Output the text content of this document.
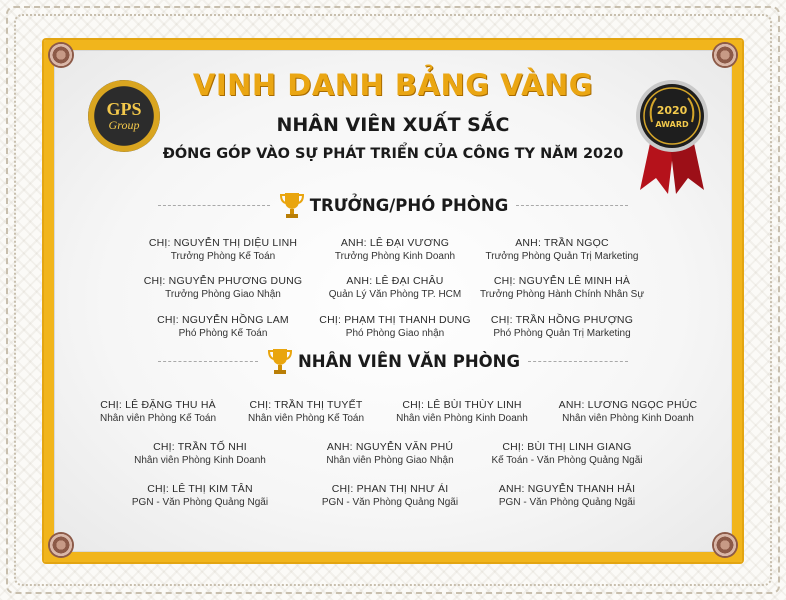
GPS
Group
2020
AWARD
VINH DANH BẢNG VÀNG
NHÂN VIÊN XUẤT SẮC
ĐÓNG GÓP VÀO SỰ PHÁT TRIỂN CỦA CÔNG TY NĂM 2020
TRƯỞNG/PHÓ PHÒNG
NHÂN VIÊN VĂN PHÒNG
CHỊ: NGUYỄN THỊ DIỆU LINH
Trưởng Phòng Kế Toán
ANH: LÊ ĐẠI VƯƠNG
Trưởng Phòng Kinh Doanh
ANH: TRẦN NGỌC
Trưởng Phòng Quản Trị Marketing
CHỊ: NGUYỄN PHƯƠNG DUNG
Trưởng Phòng Giao Nhận
ANH: LÊ ĐẠI CHÂU
Quản Lý Văn Phòng TP. HCM
CHỊ: NGUYỄN LÊ MINH HÀ
Trưởng Phòng Hành Chính Nhân Sự
CHỊ: NGUYỄN HỒNG LAM
Phó Phòng Kế Toán
CHỊ: PHẠM THỊ THANH DUNG
Phó Phòng Giao nhận
CHỊ: TRẦN HỒNG PHƯỢNG
Phó Phòng Quản Trị Marketing
CHỊ: LÊ ĐẶNG THU HÀ
Nhân viên Phòng Kế Toán
CHỊ: TRẦN THỊ TUYẾT
Nhân viên Phòng Kế Toán
CHỊ: LÊ BÙI THÙY LINH
Nhân viên Phòng Kinh Doanh
ANH: LƯƠNG NGỌC PHÚC
Nhân viên Phòng Kinh Doanh
CHỊ: TRẦN TỐ NHI
Nhân viên Phòng Kinh Doanh
ANH: NGUYỄN VĂN PHÚ
Nhân viên Phòng Giao Nhận
CHỊ: BÙI THỊ LINH GIANG
Kế Toán - Văn Phòng Quảng Ngãi
CHỊ: LÊ THỊ KIM TÂN
PGN - Văn Phòng Quảng Ngãi
CHỊ: PHAN THỊ NHƯ ÁI
PGN - Văn Phòng Quảng Ngãi
ANH: NGUYỄN THANH HẢI
PGN - Văn Phòng Quảng Ngãi
